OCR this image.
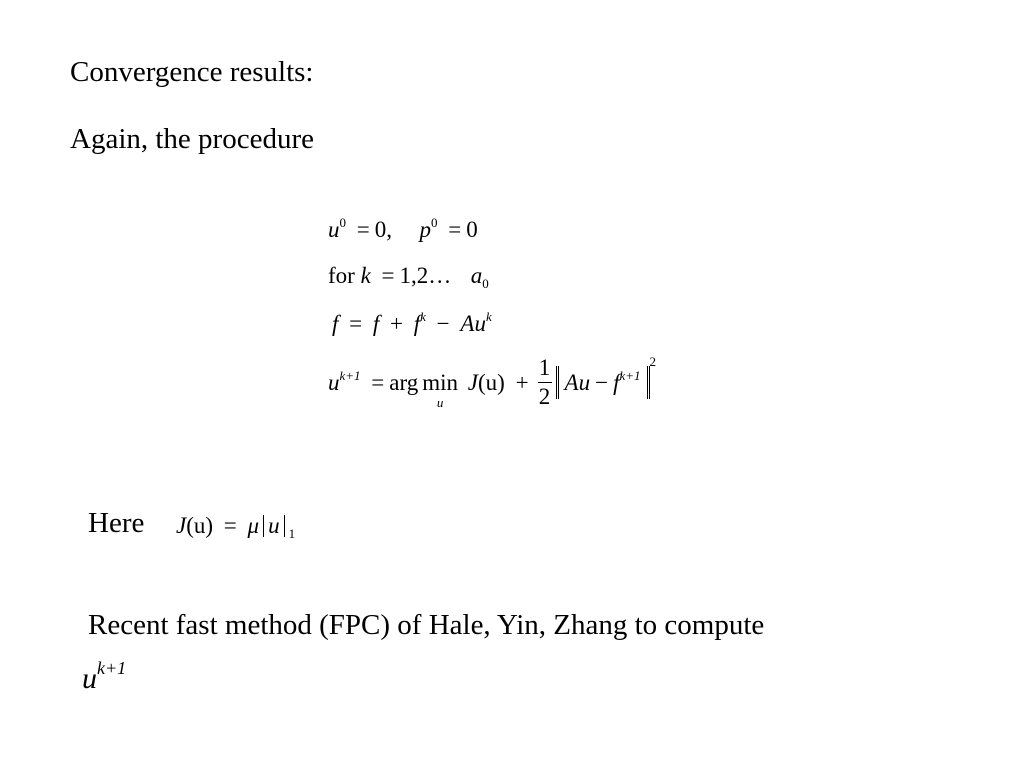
Convergence results:
Again, the procedure
$u^0 = 0$, $p^0 = 0$
for k = 1,2… $a_0$
$f = f + f^k - Au^k$
$u^{k+1}$ = arg min
u
$J(u) + \frac{1}{2}$ $Au - f^{k+12}$
Here J(u) = μ u $_1$
Recent fast method (FPC) of Hale, Yin, Zhang to compute
$u^{k+1}$
